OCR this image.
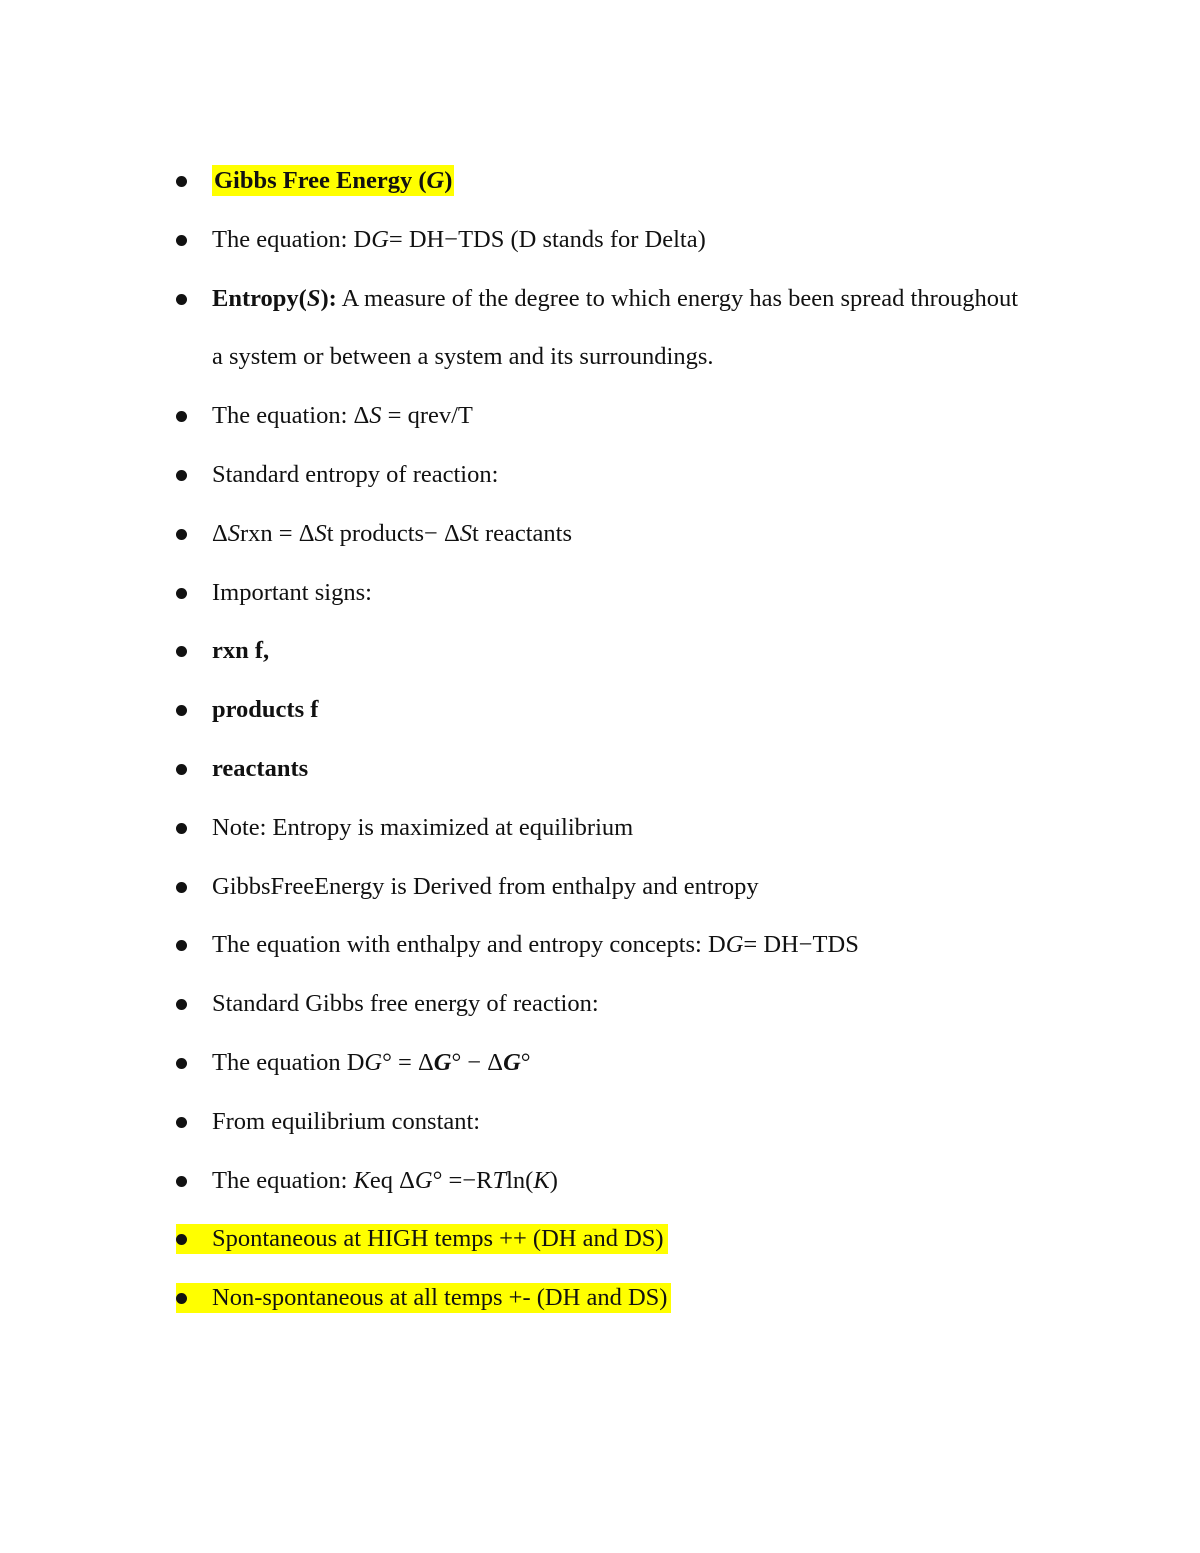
Gibbs Free Energy (G)
The equation: DG= DH−TDS (D stands for Delta)
Entropy(S): A measure of the degree to which energy has been spread throughout
a system or between a system and its surroundings.
The equation: ΔS = qrev/T
Standard entropy of reaction:
ΔSrxn = ΔSt products− ΔSt reactants
Important signs:
rxn f,
products f
reactants
Note: Entropy is maximized at equilibrium
GibbsFreeEnergy is Derived from enthalpy and entropy
The equation with enthalpy and entropy concepts: DG= DH−TDS
Standard Gibbs free energy of reaction:
The equation DG° = ΔG° − ΔG°
From equilibrium constant:
The equation: Keq ΔG° =−RTln(K)
Spontaneous at HIGH temps ++ (DH and DS)
Non-spontaneous at all temps +- (DH and DS)
